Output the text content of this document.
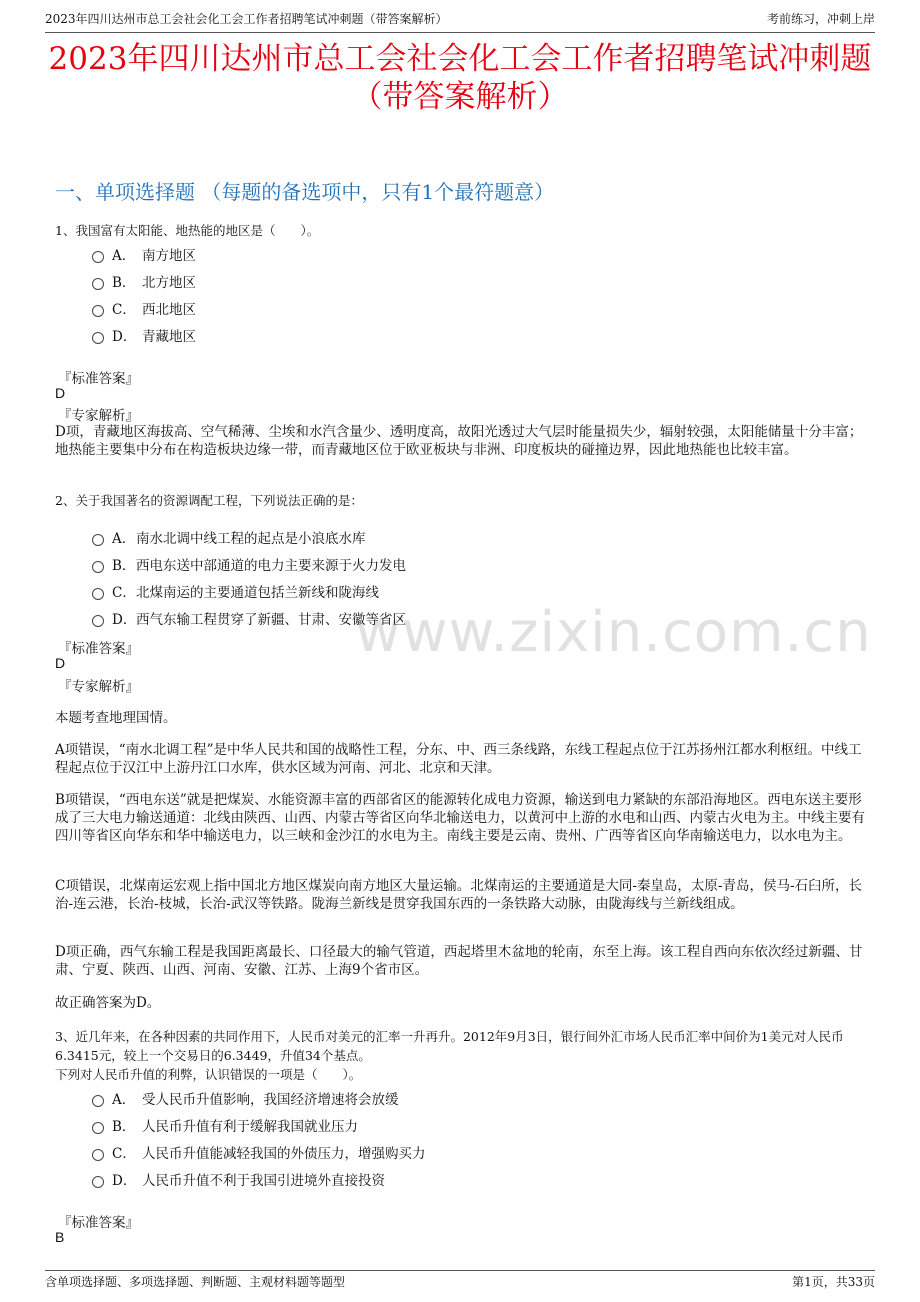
2023年四川达州市总工会社会化工会工作者招聘笔试冲刺题（带答案解析）	考前练习，冲刺上岸
www.zixin.com.cn
2023年四川达州市总工会社会化工会工作者招聘笔试冲刺题
（带答案解析）
一、单项选择题 （每题的备选项中，只有1个最符题意）
1、我国富有太阳能、地热能的地区是（　　）。
A． 南方地区
B． 北方地区
C． 西北地区
D． 青藏地区
『标准答案』
D
『专家解析』
D项，青藏地区海拔高、空气稀薄、尘埃和水汽含量少、透明度高，故阳光透过大气层时能量损失少，辐射较强，太阳能储量十分丰富；地热能主要集中分布在构造板块边缘一带，而青藏地区位于欧亚板块与非洲、印度板块的碰撞边界，因此地热能也比较丰富。
2、关于我国著名的资源调配工程，下列说法正确的是：
A． 南水北调中线工程的起点是小浪底水库
B． 西电东送中部通道的电力主要来源于火力发电
C． 北煤南运的主要通道包括兰新线和陇海线
D． 西气东输工程贯穿了新疆、甘肃、安徽等省区
『标准答案』
D
『专家解析』
本题考查地理国情。
A项错误，“南水北调工程”是中华人民共和国的战略性工程，分东、中、西三条线路，东线工程起点位于江苏扬州江都水利枢纽。中线工程起点位于汉江中上游丹江口水库，供水区域为河南、河北、北京和天津。
B项错误，“西电东送”就是把煤炭、水能资源丰富的西部省区的能源转化成电力资源，输送到电力紧缺的东部沿海地区。西电东送主要形成了三大电力输送通道：北线由陕西、山西、内蒙古等省区向华北输送电力，以黄河中上游的水电和山西、内蒙古火电为主。中线主要有四川等省区向华东和华中输送电力，以三峡和金沙江的水电为主。南线主要是云南、贵州、广西等省区向华南输送电力，以水电为主。
C项错误，北煤南运宏观上指中国北方地区煤炭向南方地区大量运输。北煤南运的主要通道是大同-秦皇岛，太原-青岛，侯马-石臼所，长治-连云港，长治-枝城，长治-武汉等铁路。陇海兰新线是贯穿我国东西的一条铁路大动脉，由陇海线与兰新线组成。
D项正确，西气东输工程是我国距离最长、口径最大的输气管道，西起塔里木盆地的轮南，东至上海。该工程自西向东依次经过新疆、甘肃、宁夏、陕西、山西、河南、安徽、江苏、上海9个省市区。
故正确答案为D。
3、近几年来，在各种因素的共同作用下，人民币对美元的汇率一升再升。2012年9月3日，银行间外汇市场人民币汇率中间价为1美元对人民币
6.3415元，较上一个交易日的6.3449，升值34个基点。
下列对人民币升值的利弊，认识错误的一项是（　　）。
A． 受人民币升值影响，我国经济增速将会放缓
B． 人民币升值有利于缓解我国就业压力
C． 人民币升值能减轻我国的外债压力，增强购买力
D． 人民币升值不利于我国引进境外直接投资
『标准答案』
B
含单项选择题、多项选择题、判断题、主观材料题等题型	第1页，共33页
